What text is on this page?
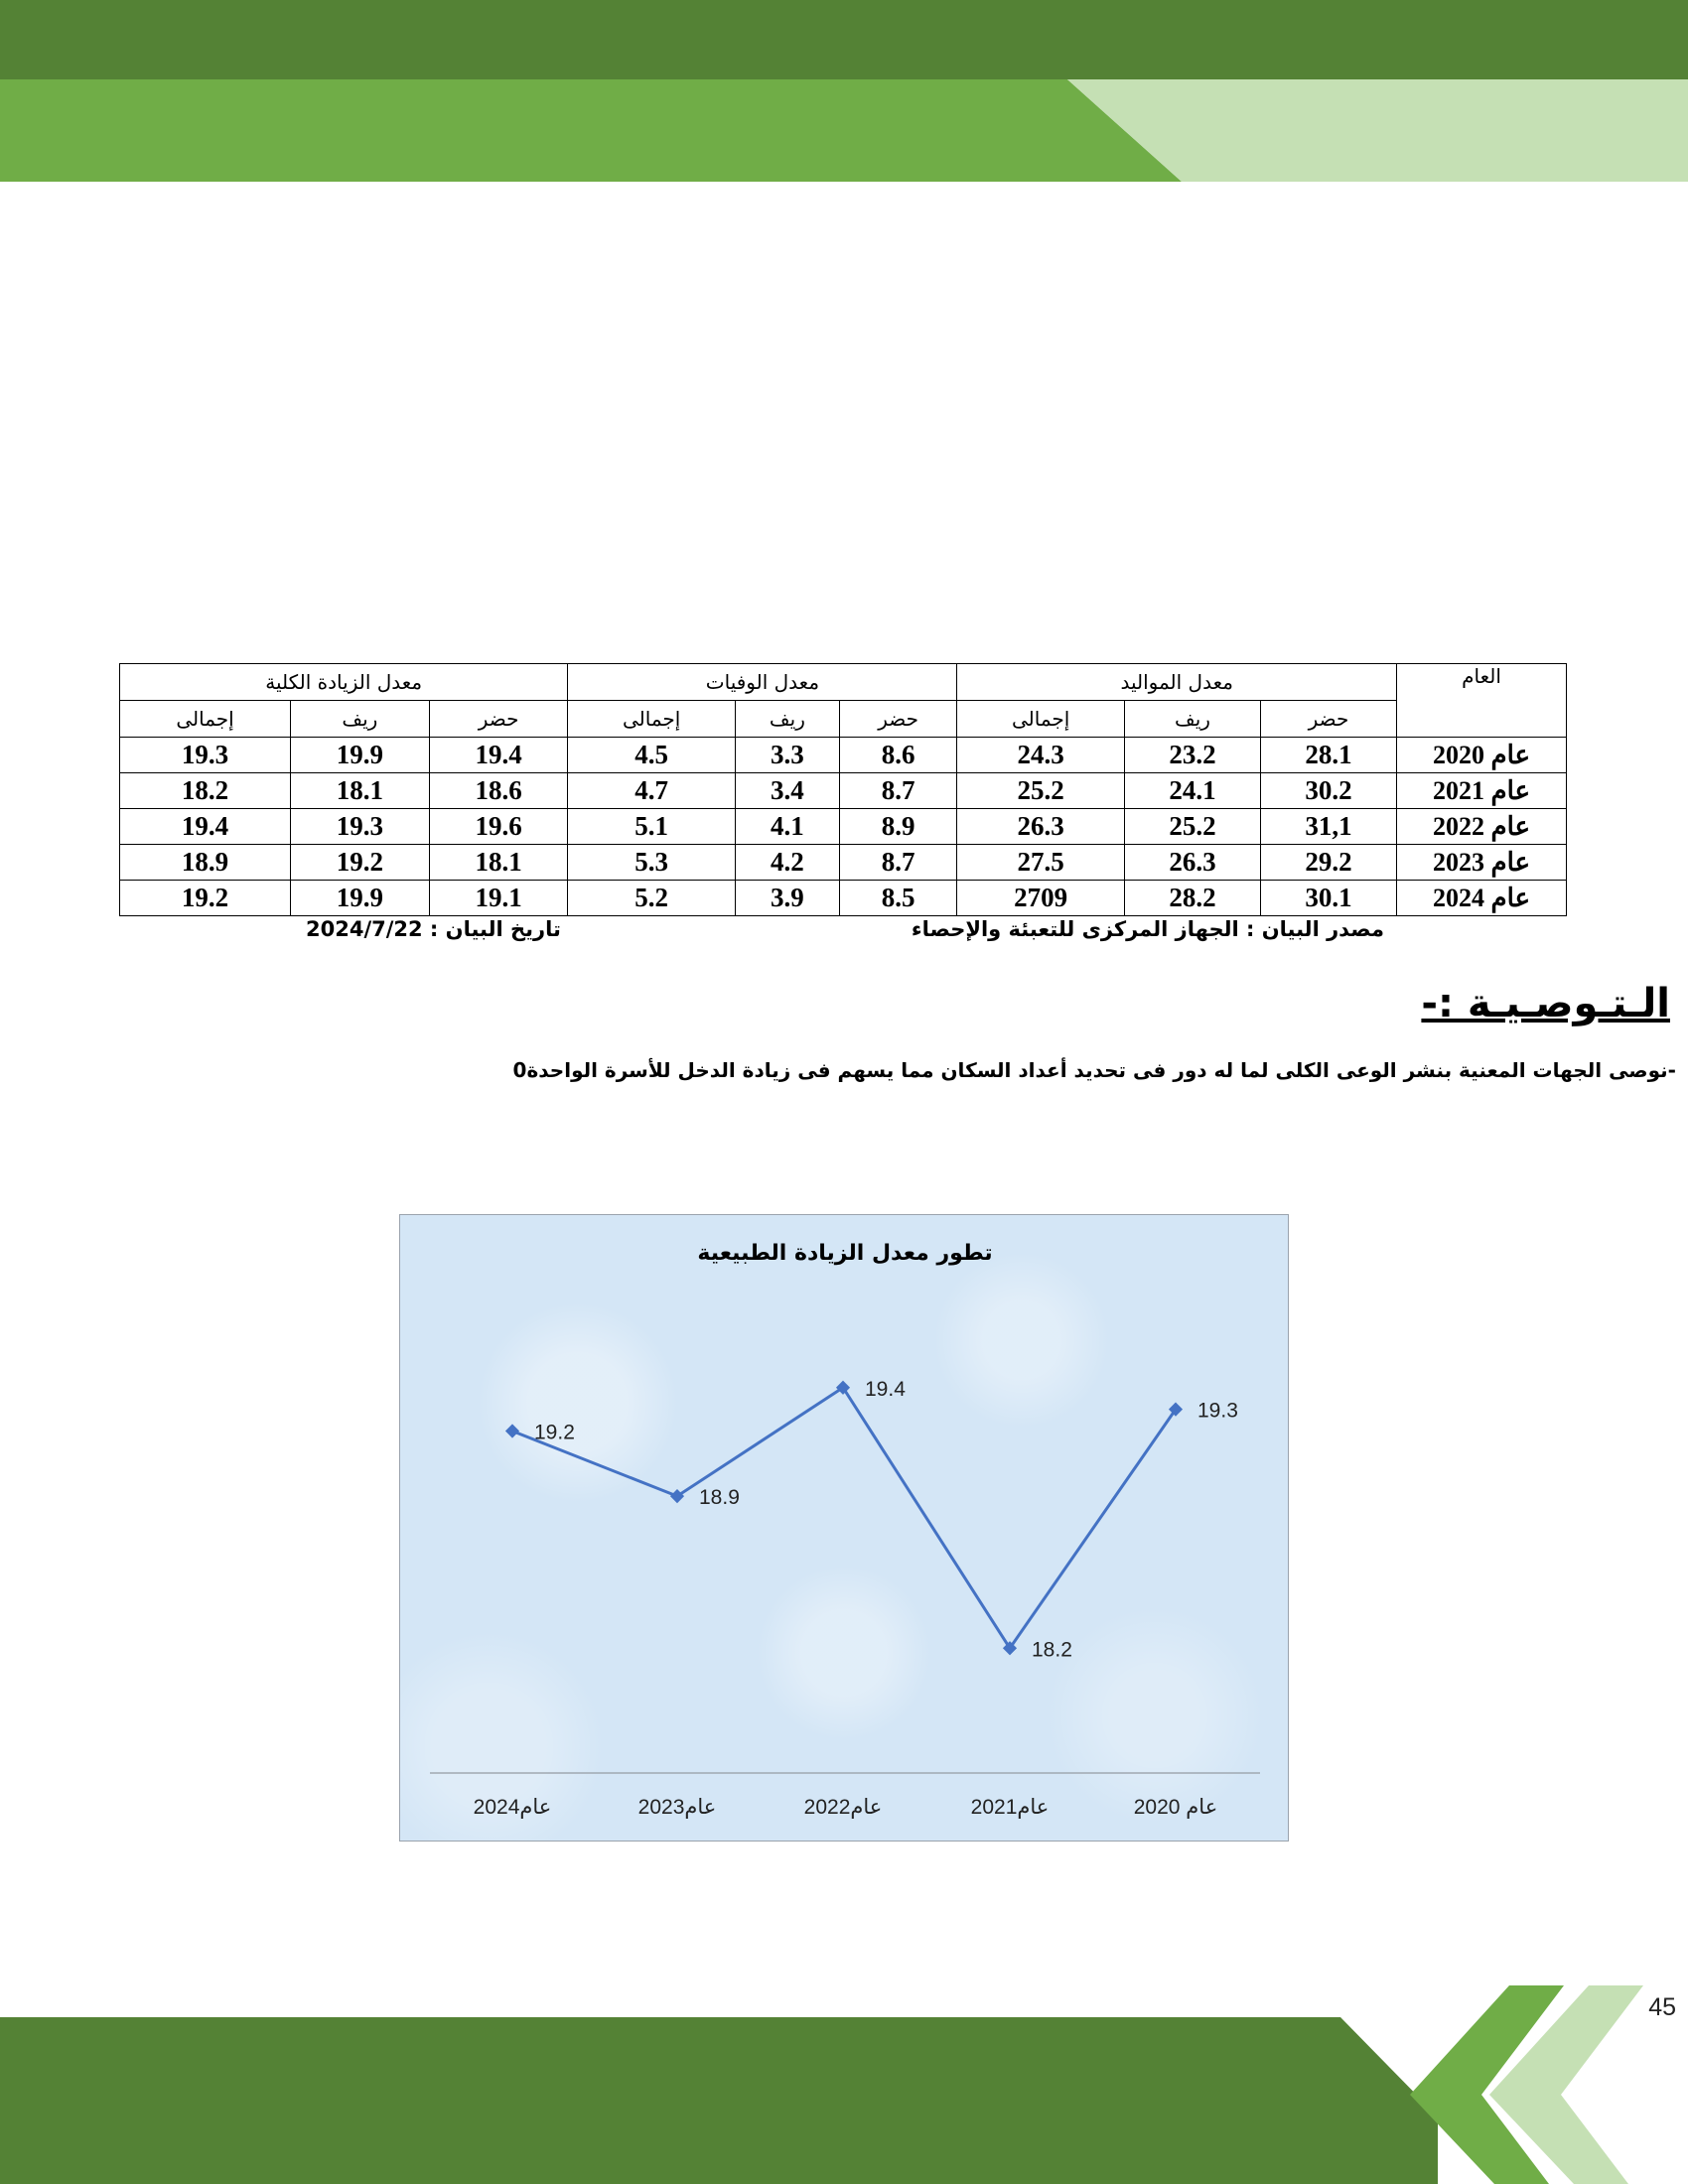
العام	معدل المواليد			معدل الوفيات			معدل الزيادة الكلية		
	حضر	ريف	إجمالى	حضر	ريف	إجمالى	حضر	ريف	إجمالى
عام 2020	28.1	23.2	24.3	8.6	3.3	4.5	19.4	19.9	19.3
عام 2021	30.2	24.1	25.2	8.7	3.4	4.7	18.6	18.1	18.2
عام 2022	31,1	25.2	26.3	8.9	4.1	5.1	19.6	19.3	19.4
عام 2023	29.2	26.3	27.5	8.7	4.2	5.3	18.1	19.2	18.9
عام 2024	30.1	28.2	2709	8.5	3.9	5.2	19.1	19.9	19.2
مصدر البيان : الجهاز المركزى للتعبئة والإحصاء
تاريخ البيان : 2024/7/22
الـتـوصـيـة :-
-نوصى الجهات المعنية بنشر الوعى الكلى لما له دور فى تحديد أعداد السكان مما يسهم فى زيادة الدخل للأسرة الواحدة0
تطور معدل الزيادة الطبيعية
19.2
عام2024
18.9
عام2023
19.4
عام2022
18.2
عام2021
19.3
عام 2020
45
